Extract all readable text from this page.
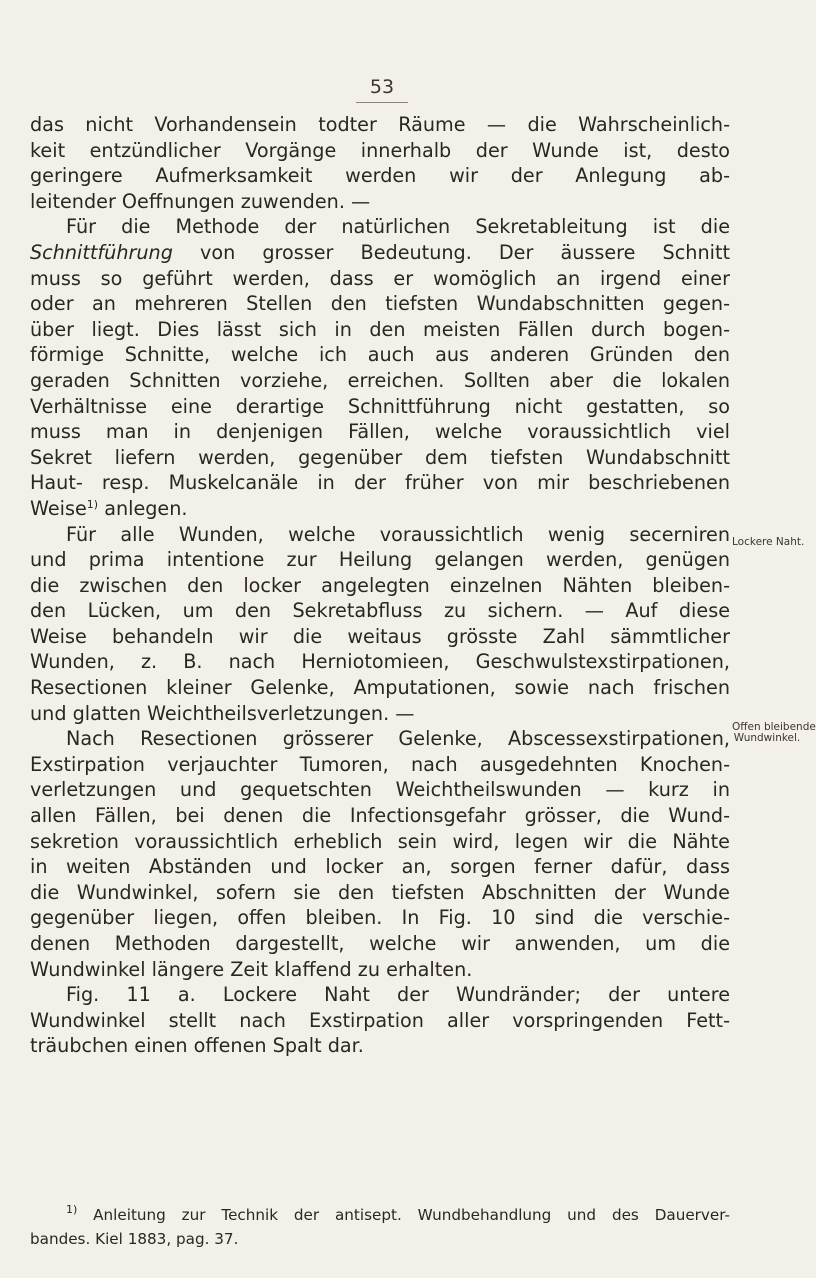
53
das nicht Vorhandensein todter Räume — die Wahrscheinlich-
keit entzündlicher Vorgänge innerhalb der Wunde ist, desto
geringere Aufmerksamkeit werden wir der Anlegung ab-
leitender Oeffnungen zuwenden. —
Für die Methode der natürlichen Sekretableitung ist die
Schnittführung von grosser Bedeutung. Der äussere Schnitt
muss so geführt werden, dass er womöglich an irgend einer
oder an mehreren Stellen den tiefsten Wundabschnitten gegen-
über liegt. Dies lässt sich in den meisten Fällen durch bogen-
förmige Schnitte, welche ich auch aus anderen Gründen den
geraden Schnitten vorziehe, erreichen. Sollten aber die lokalen
Verhältnisse eine derartige Schnittführung nicht gestatten, so
muss man in denjenigen Fällen, welche voraussichtlich viel
Sekret liefern werden, gegenüber dem tiefsten Wundabschnitt
Haut- resp. Muskelcanäle in der früher von mir beschriebenen
Weise$^{1)}$ anlegen.
Für alle Wunden, welche voraussichtlich wenig secerniren
und prima intentione zur Heilung gelangen werden, genügen
die zwischen den locker angelegten einzelnen Nähten bleiben-
den Lücken, um den Sekretabfluss zu sichern. — Auf diese
Weise behandeln wir die weitaus grösste Zahl sämmtlicher
Wunden, z. B. nach Herniotomieen, Geschwulstexstirpationen,
Resectionen kleiner Gelenke, Amputationen, sowie nach frischen
und glatten Weichtheilsverletzungen. —
Nach Resectionen grösserer Gelenke, Abscessexstirpationen,
Exstirpation verjauchter Tumoren, nach ausgedehnten Knochen-
verletzungen und gequetschten Weichtheilswunden — kurz in
allen Fällen, bei denen die Infectionsgefahr grösser, die Wund-
sekretion voraussichtlich erheblich sein wird, legen wir die Nähte
in weiten Abständen und locker an, sorgen ferner dafür, dass
die Wundwinkel, sofern sie den tiefsten Abschnitten der Wunde
gegenüber liegen, offen bleiben. In Fig. 10 sind die verschie-
denen Methoden dargestellt, welche wir anwenden, um die
Wundwinkel längere Zeit klaffend zu erhalten.
Fig. 11 a. Lockere Naht der Wundränder; der untere
Wundwinkel stellt nach Exstirpation aller vorspringenden Fett-
träubchen einen offenen Spalt dar.
Lockere Naht.
Offen bleibende
Wundwinkel.
$^{1)}$ Anleitung zur Technik der antisept. Wundbehandlung und des Dauerver-
bandes. Kiel 1883, pag. 37.
